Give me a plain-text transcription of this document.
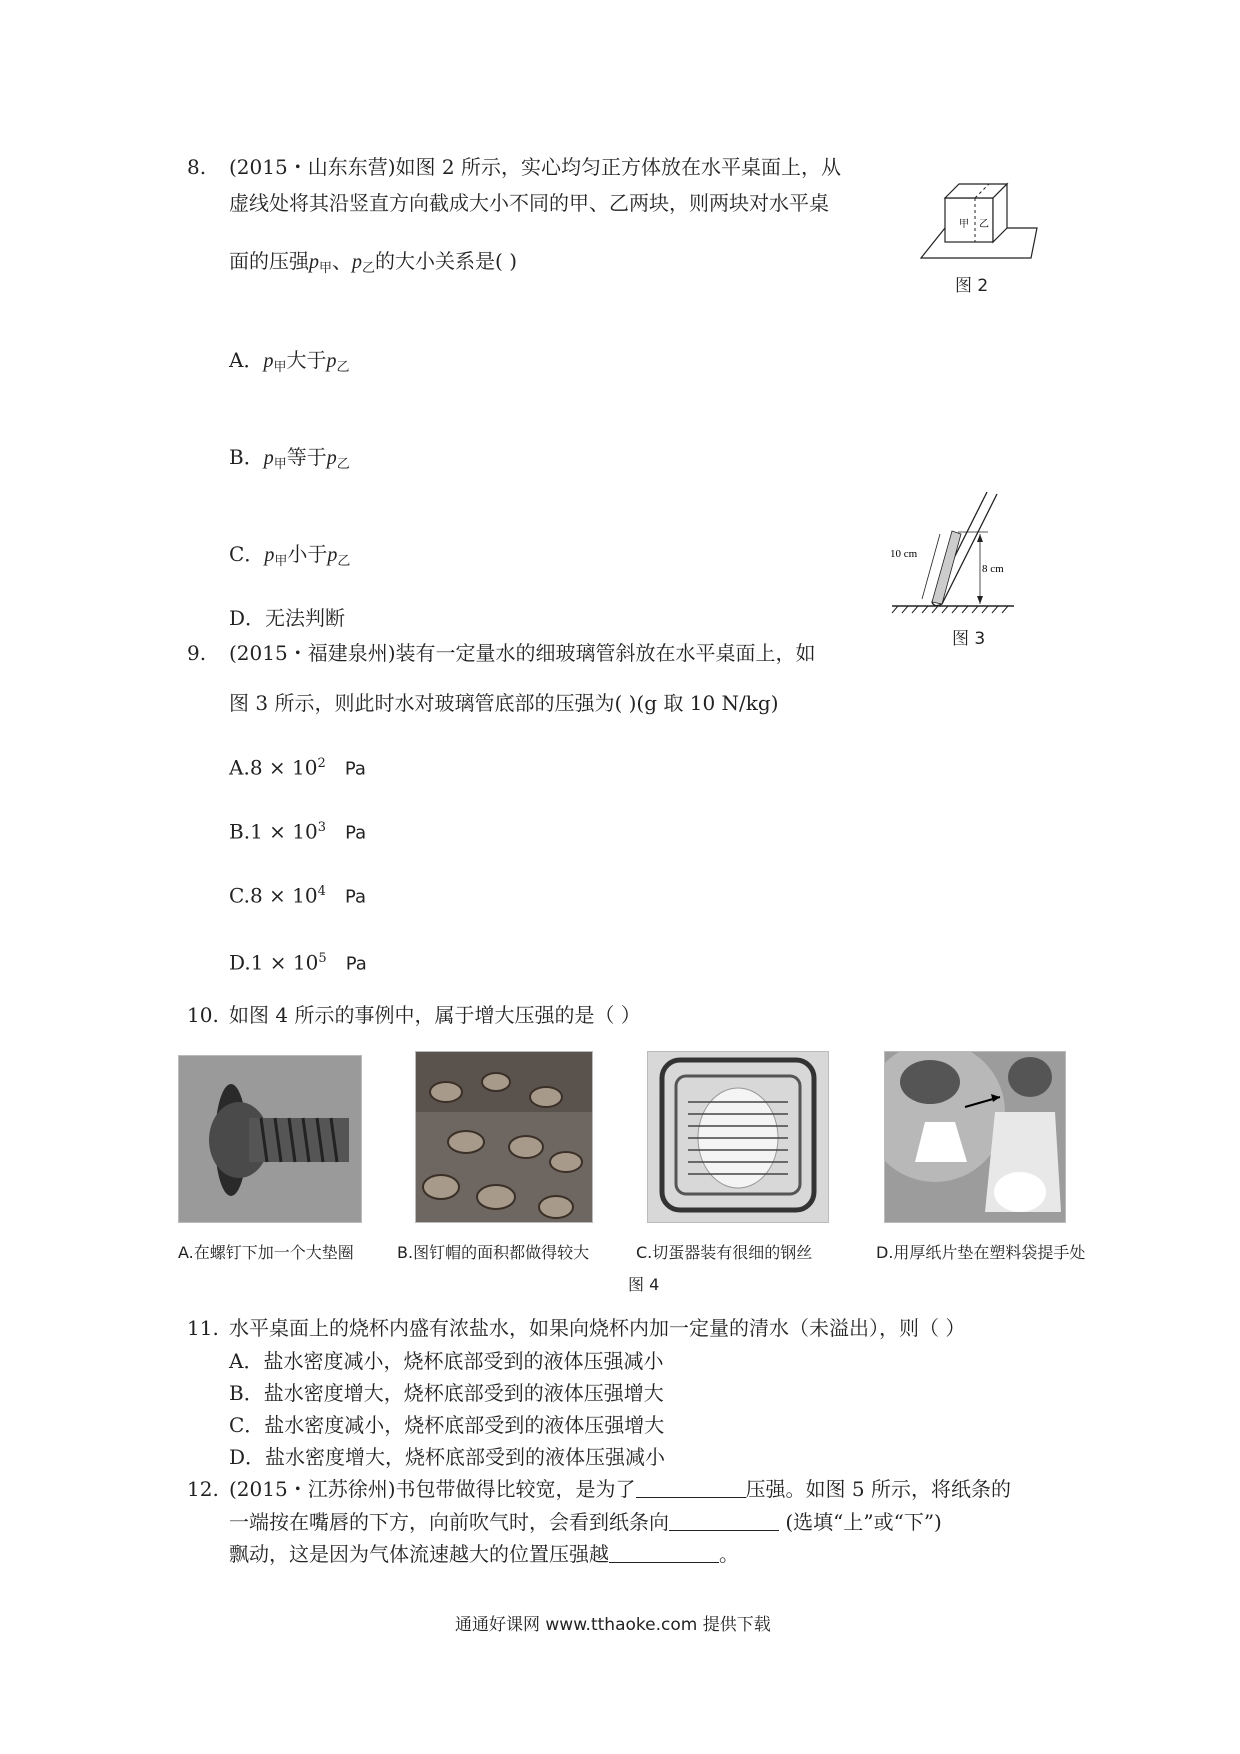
8. (2015・山东东营)如图 2 所示，实心均匀正方体放在水平桌面上，从
虚线处将其沿竖直方向截成大小不同的甲、乙两块，则两块对水平桌
面的压强$p_甲$、$p_乙$的大小关系是( )
甲 乙
图 2
A．$p_甲$大于$p_乙$
B．$p_甲$等于$p_乙$
C．$p_甲$小于$p_乙$
D．无法判断
10 cm
8 cm
图 3
9. (2015・福建泉州)装有一定量水的细玻璃管斜放在水平桌面上，如
图 3 所示，则此时水对玻璃管底部的压强为( )(g 取 10 N/kg)
$A.8 \times 10^2$ Pa
$B.1 \times 10^3$ Pa
$C.8 \times 10^4$ Pa
$D.1 \times 10^5$ Pa
10. 如图 4 所示的事例中，属于增大压强的是（ ）
A.在螺钉下加一个大垫圈	B.图钉帽的面积都做得较大	C.切蛋器装有很细的钢丝	D.用厚纸片垫在塑料袋提手处
图 4
11. 水平桌面上的烧杯内盛有浓盐水，如果向烧杯内加一定量的清水（未溢出），则（ ）
A．盐水密度减小，烧杯底部受到的液体压强减小
B．盐水密度增大，烧杯底部受到的液体压强增大
C．盐水密度减小，烧杯底部受到的液体压强增大
D．盐水密度增大，烧杯底部受到的液体压强减小
12. (2015・江苏徐州)书包带做得比较宽，是为了	压强。如图 5 所示，将纸条的
一端按在嘴唇的下方，向前吹气时，会看到纸条向	(选填“上”或“下”)
飘动，这是因为气体流速越大的位置压强越	。
通通好课网 www.tthaoke.com 提供下载
